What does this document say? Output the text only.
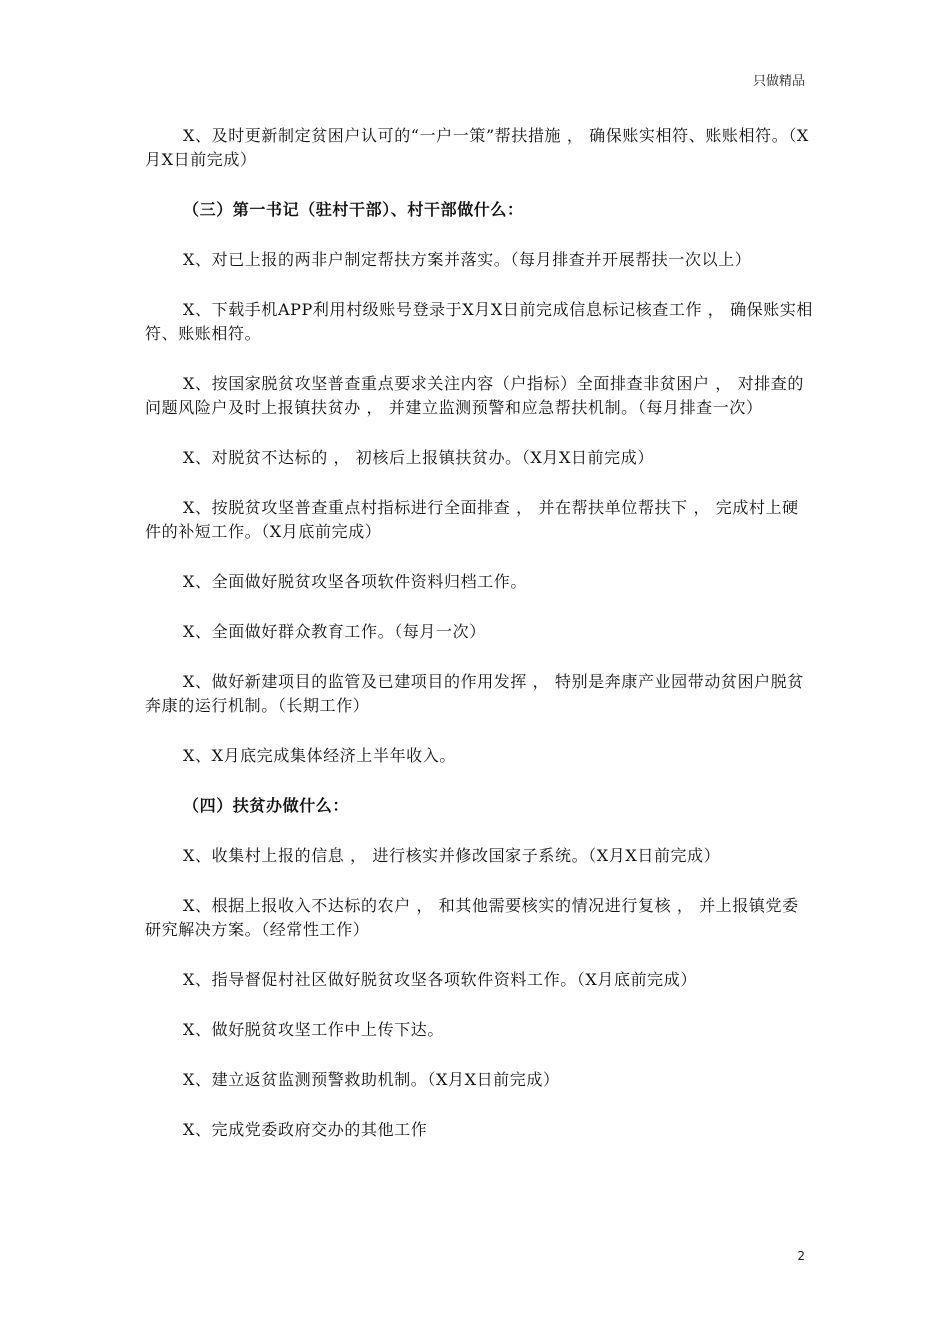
只做精品

X、及时更新制定贫困户认可的“一户一策”帮扶措施 ， 确保账实相符、账账相符。（X月X日前完成）

（三）第一书记（驻村干部）、村干部做什么：

X、对已上报的两非户制定帮扶方案并落实。（每月排查并开展帮扶一次以上）

X、下载手机APP利用村级账号登录于X月X日前完成信息标记核查工作 ， 确保账实相符、账账相符。

X、按国家脱贫攻坚普查重点要求关注内容（户指标）全面排查非贫困户 ， 对排查的问题风险户及时上报镇扶贫办 ， 并建立监测预警和应急帮扶机制。（每月排查一次）

X、对脱贫不达标的 ， 初核后上报镇扶贫办。（X月X日前完成）

X、按脱贫攻坚普查重点村指标进行全面排查 ， 并在帮扶单位帮扶下 ， 完成村上硬件的补短工作。（X月底前完成）

X、全面做好脱贫攻坚各项软件资料归档工作。

X、全面做好群众教育工作。（每月一次）

X、做好新建项目的监管及已建项目的作用发挥 ， 特别是奔康产业园带动贫困户脱贫奔康的运行机制。（长期工作）

X、X月底完成集体经济上半年收入。

（四）扶贫办做什么：

X、收集村上报的信息 ， 进行核实并修改国家子系统。（X月X日前完成）

X、根据上报收入不达标的农户 ， 和其他需要核实的情况进行复核 ， 并上报镇党委研究解决方案。（经常性工作）

X、指导督促村社区做好脱贫攻坚各项软件资料工作。（X月底前完成）

X、做好脱贫攻坚工作中上传下达。

X、建立返贫监测预警救助机制。（X月X日前完成）

X、完成党委政府交办的其他工作

2
